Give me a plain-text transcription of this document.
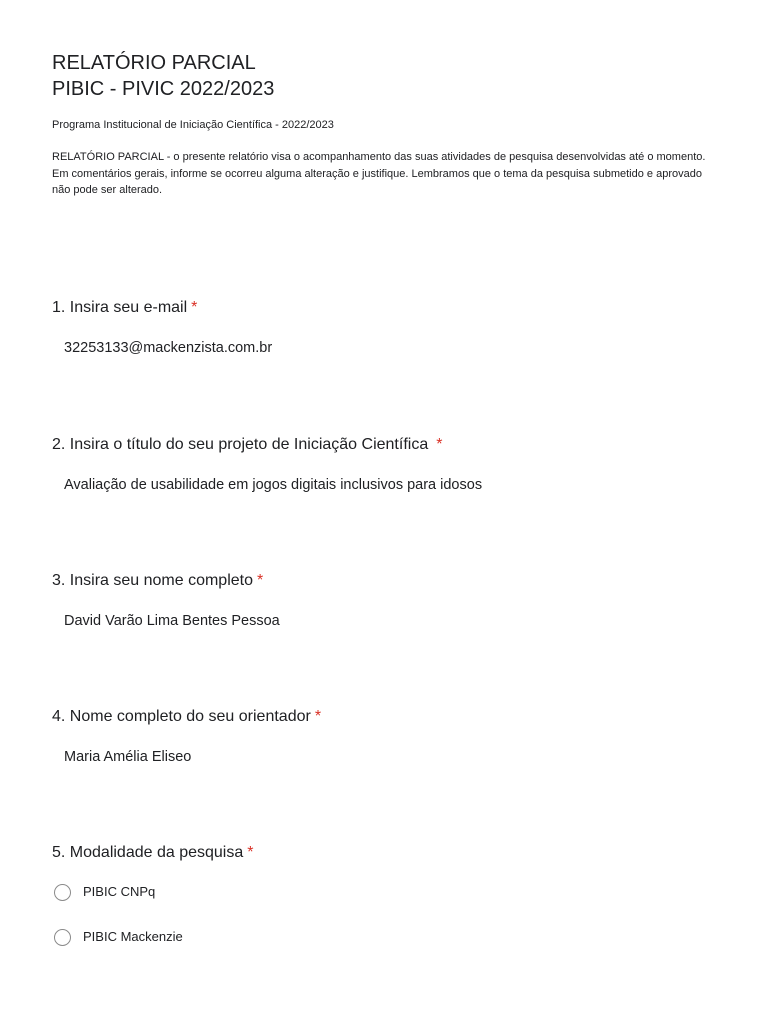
RELATÓRIO PARCIAL
PIBIC - PIVIC 2022/2023
Programa Institucional de Iniciação Científica - 2022/2023
RELATÓRIO PARCIAL - o presente relatório visa o acompanhamento das suas atividades de pesquisa desenvolvidas até o momento. Em comentários gerais, informe se ocorreu alguma alteração e justifique. Lembramos que o tema da pesquisa submetido e aprovado não pode ser alterado.
1. Insira seu e-mail *
32253133@mackenzista.com.br
2. Insira o título do seu projeto de Iniciação Científica *
Avaliação de usabilidade em jogos digitais inclusivos para idosos
3. Insira seu nome completo *
David Varão Lima Bentes Pessoa
4. Nome completo do seu orientador *
Maria Amélia Eliseo
5. Modalidade da pesquisa *
PIBIC CNPq
PIBIC Mackenzie
